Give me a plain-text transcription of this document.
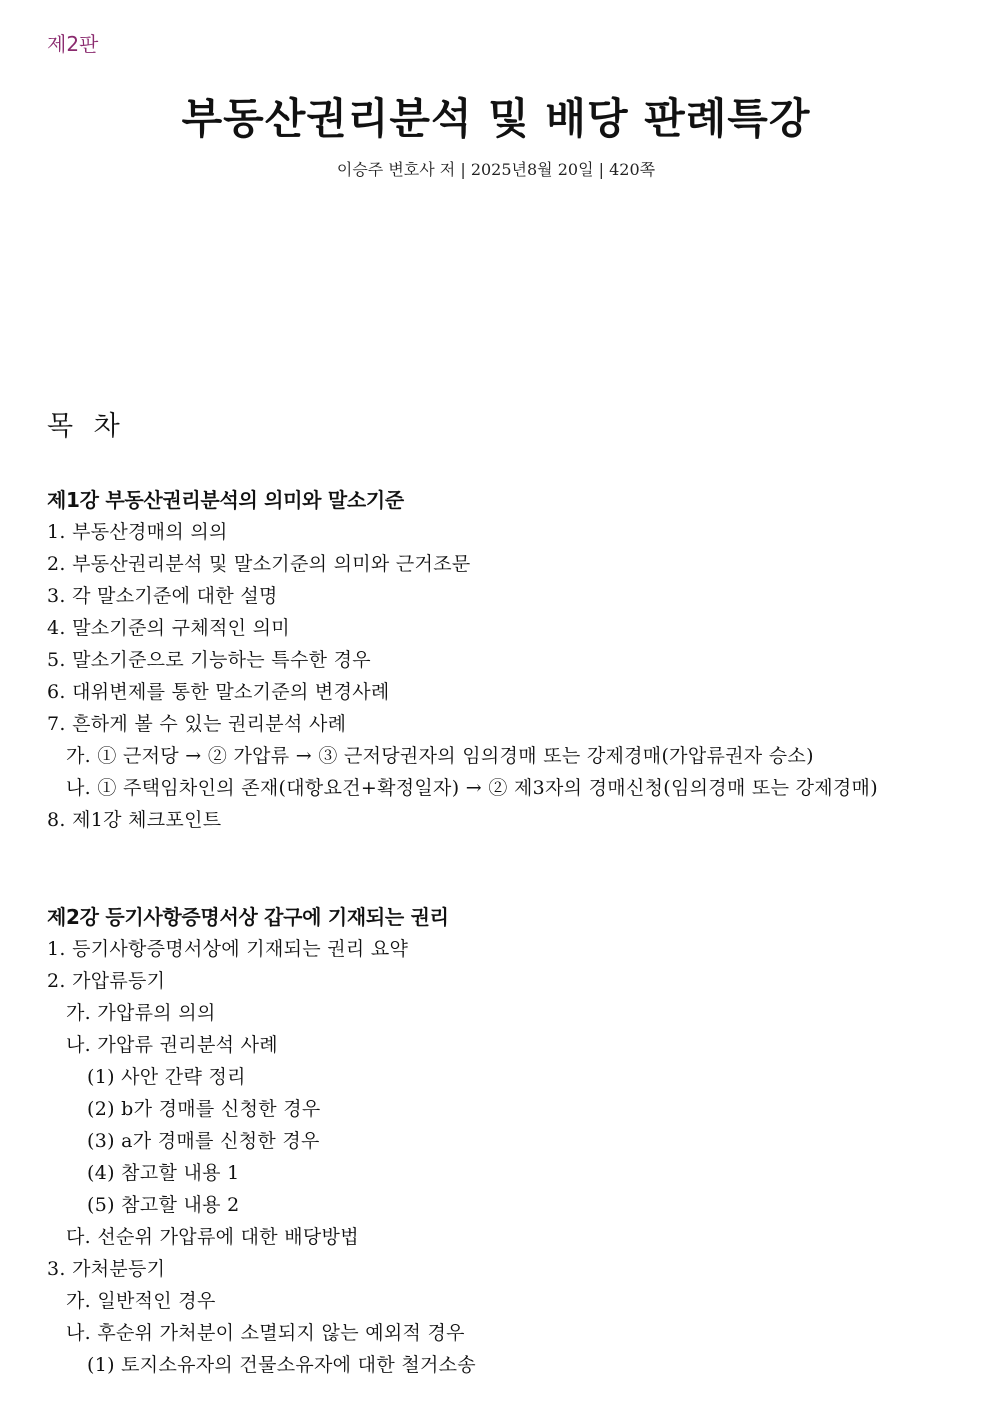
제2판
부동산권리분석 및 배당 판례특강
이승주 변호사 저 | 2025년8월 20일 | 420쪽
목 차
제1강 부동산권리분석의 의미와 말소기준
1. 부동산경매의 의의
2. 부동산권리분석 및 말소기준의 의미와 근거조문
3. 각 말소기준에 대한 설명
4. 말소기준의 구체적인 의미
5. 말소기준으로 기능하는 특수한 경우
6. 대위변제를 통한 말소기준의 변경사례
7. 흔하게 볼 수 있는 권리분석 사례
가. ① 근저당 → ② 가압류 → ③ 근저당권자의 임의경매 또는 강제경매(가압류권자 승소)
나. ① 주택임차인의 존재(대항요건+확정일자) → ② 제3자의 경매신청(임의경매 또는 강제경매)
8. 제1강 체크포인트
제2강 등기사항증명서상 갑구에 기재되는 권리
1. 등기사항증명서상에 기재되는 권리 요약
2. 가압류등기
가. 가압류의 의의
나. 가압류 권리분석 사례
(1) 사안 간략 정리
(2) b가 경매를 신청한 경우
(3) a가 경매를 신청한 경우
(4) 참고할 내용 1
(5) 참고할 내용 2
다. 선순위 가압류에 대한 배당방법
3. 가처분등기
가. 일반적인 경우
나. 후순위 가처분이 소멸되지 않는 예외적 경우
(1) 토지소유자의 건물소유자에 대한 철거소송
